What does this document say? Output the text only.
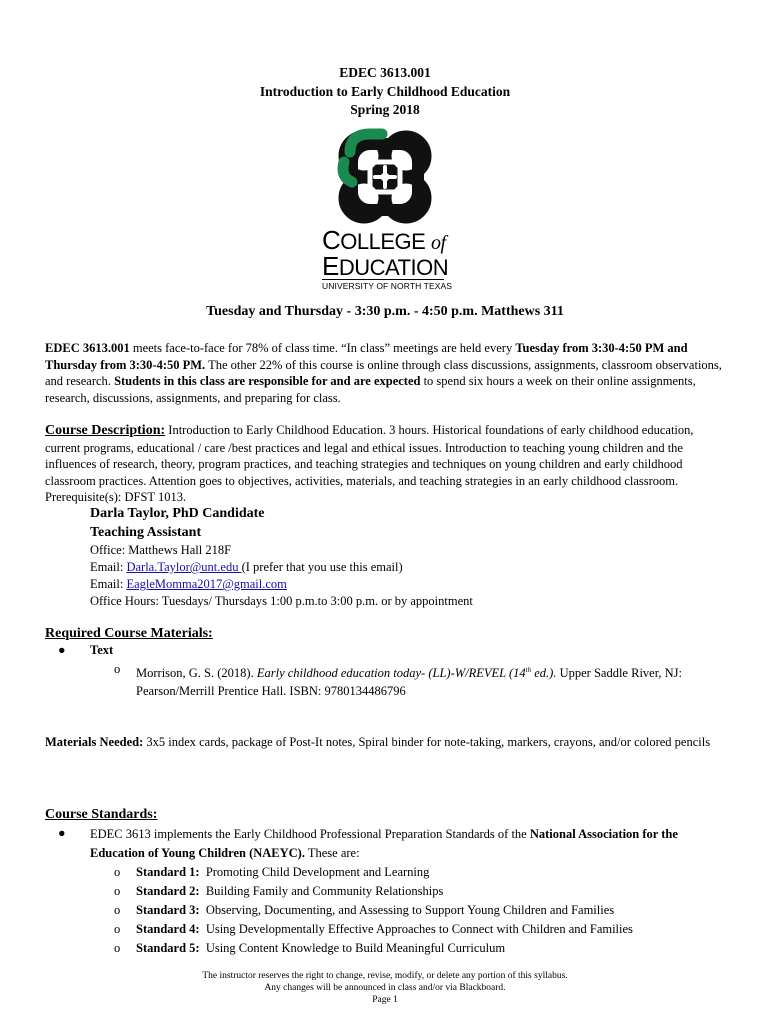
EDEC 3613.001
Introduction to Early Childhood Education
Spring 2018
COLLEGE of
EDUCATION
UNIVERSITY OF NORTH TEXAS
Tuesday and Thursday - 3:30 p.m. - 4:50 p.m. Matthews 311
EDEC 3613.001 meets face-to-face for 78% of class time. “In class” meetings are held every Tuesday from 3:30-4:50 PM and Thursday from 3:30-4:50 PM. The other 22% of this course is online through class discussions, assignments, classroom observations, and research. Students in this class are responsible for and are expected to spend six hours a week on their online assignments, research, discussions, assignments, and preparing for class.
Course Description: Introduction to Early Childhood Education. 3 hours. Historical foundations of early childhood education, current programs, educational / care /best practices and legal and ethical issues. Introduction to teaching young children and the influences of research, theory, program practices, and teaching strategies and techniques on young children and early childhood classroom practices. Attention goes to objectives, activities, materials, and teaching strategies in an early childhood classroom. Prerequisite(s): DFST 1013.
Darla Taylor, PhD Candidate
Teaching Assistant
Office: Matthews Hall 218F
Email: Darla.Taylor@unt.edu (I prefer that you use this email)
Email: EagleMomma2017@gmail.com
Office Hours: Tuesdays/ Thursdays 1:00 p.m.to 3:00 p.m. or by appointment
Required Course Materials:
● Text
o Morrison, G. S. (2018). Early childhood education today- (LL)-W/REVEL (14th ed.). Upper Saddle River, NJ: Pearson/Merrill Prentice Hall. ISBN: 9780134486796
Materials Needed: 3x5 index cards, package of Post-It notes, Spiral binder for note-taking, markers, crayons, and/or colored pencils
Course Standards:
● EDEC 3613 implements the Early Childhood Professional Preparation Standards of the National Association for the Education of Young Children (NAEYC). These are:
o Standard 1: Promoting Child Development and Learning
o Standard 2: Building Family and Community Relationships
o Standard 3: Observing, Documenting, and Assessing to Support Young Children and Families
o Standard 4: Using Developmentally Effective Approaches to Connect with Children and Families
o Standard 5: Using Content Knowledge to Build Meaningful Curriculum
The instructor reserves the right to change, revise, modify, or delete any portion of this syllabus.
Any changes will be announced in class and/or via Blackboard.
Page 1
